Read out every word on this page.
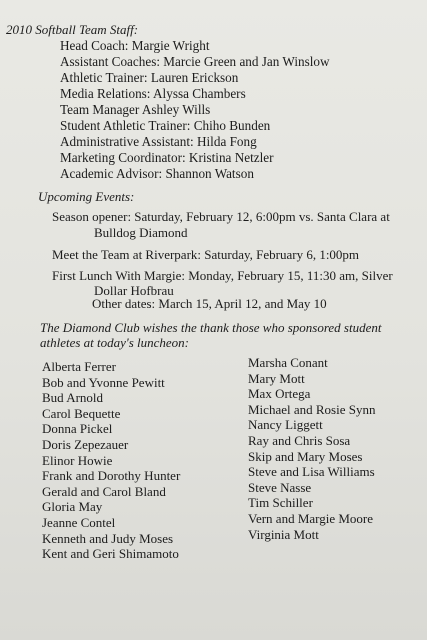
2010 Softball Team Staff:
Head Coach: Margie Wright
Assistant Coaches: Marcie Green and Jan Winslow
Athletic Trainer: Lauren Erickson
Media Relations: Alyssa Chambers
Team Manager Ashley Wills
Student Athletic Trainer: Chiho Bunden
Administrative Assistant: Hilda Fong
Marketing Coordinator: Kristina Netzler
Academic Advisor: Shannon Watson
Upcoming Events:
Season opener: Saturday, February 12, 6:00pm vs. Santa Clara at
Bulldog Diamond
Meet the Team at Riverpark: Saturday, February 6, 1:00pm
First Lunch With Margie: Monday, February 15, 11:30 am, Silver
Dollar Hofbrau
Other dates: March 15, April 12, and May 10
The Diamond Club wishes the thank those who sponsored student
athletes at today's luncheon:
Alberta Ferrer
Bob and Yvonne Pewitt
Bud Arnold
Carol Bequette
Donna Pickel
Doris Zepezauer
Elinor Howie
Frank and Dorothy Hunter
Gerald and Carol Bland
Gloria May
Jeanne Contel
Kenneth and Judy Moses
Kent and Geri Shimamoto
Marsha Conant
Mary Mott
Max Ortega
Michael and Rosie Synn
Nancy Liggett
Ray and Chris Sosa
Skip and Mary Moses
Steve and Lisa Williams
Steve Nasse
Tim Schiller
Vern and Margie Moore
Virginia Mott
